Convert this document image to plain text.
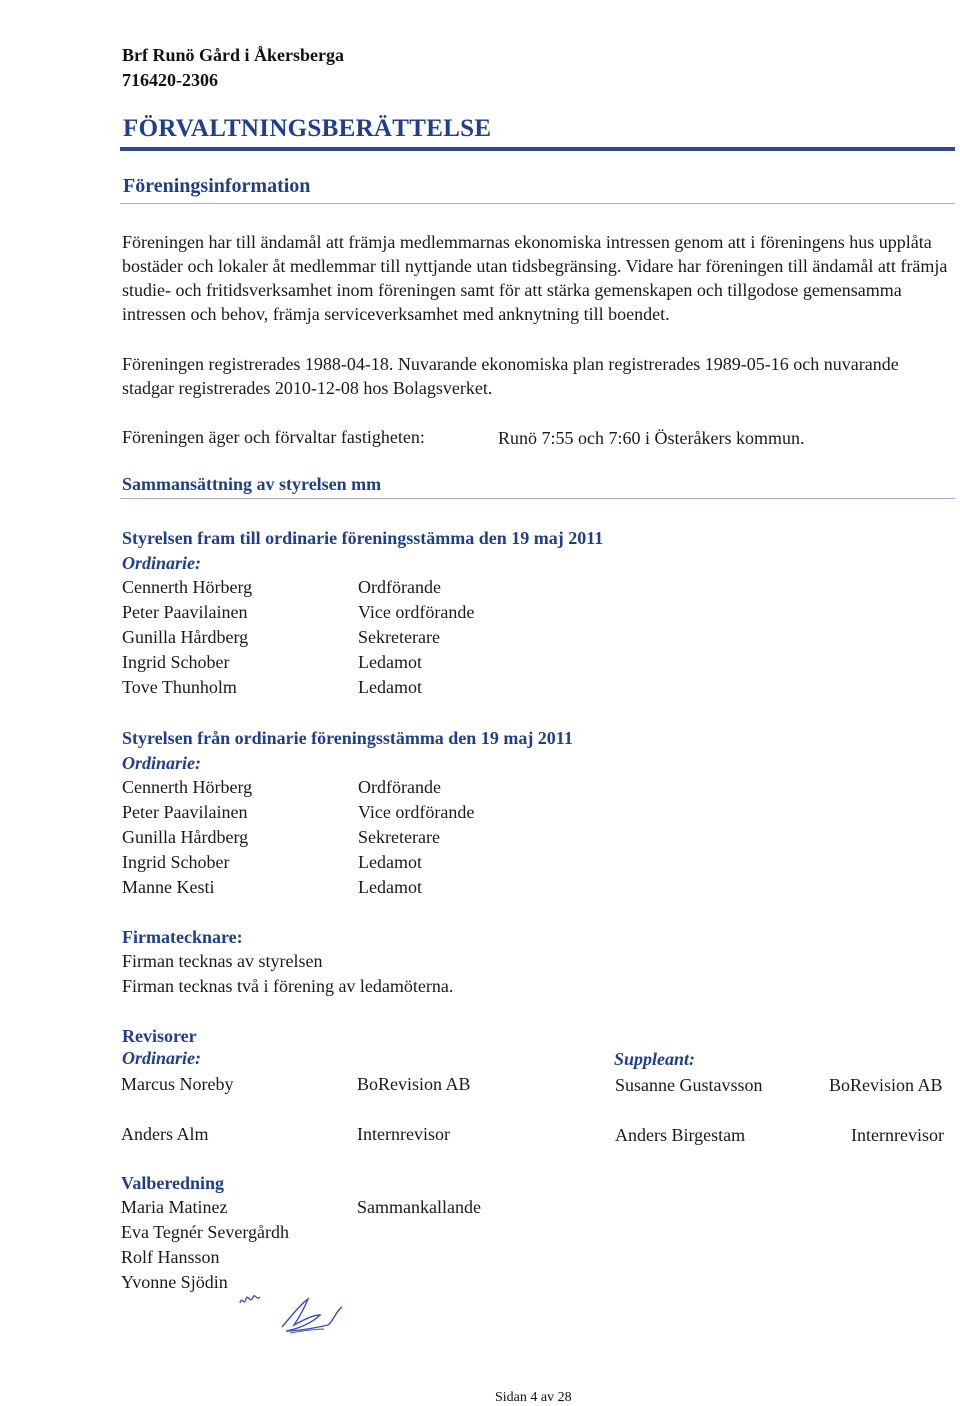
Brf Runö Gård i Åkersberga
716420-2306
FÖRVALTNINGSBERÄTTELSE
Föreningsinformation

Föreningen har till ändamål att främja medlemmarnas ekonomiska intressen genom att i föreningens hus upplåta bostäder och lokaler åt medlemmar till nyttjande utan tidsbegränsing. Vidare har föreningen till ändamål att främja studie- och fritidsverksamhet inom föreningen samt för att stärka gemenskapen och tillgodose gemensamma intressen och behov, främja serviceverksamhet med anknytning till boendet.

Föreningen registrerades 1988-04-18. Nuvarande ekonomiska plan registrerades 1989-05-16 och nuvarande stadgar registrerades 2010-12-08 hos Bolagsverket.

Föreningen äger och förvaltar fastigheten:	Runö 7:55 och 7:60 i Österåkers kommun.
Sammansättning av styrelsen mm
Styrelsen fram till ordinarie föreningsstämma den 19 maj 2011
Ordinarie:
Cennerth Hörberg	Ordförande
Peter Paavilainen	Vice ordförande
Gunilla Hårdberg	Sekreterare
Ingrid Schober	Ledamot
Tove Thunholm	Ledamot
Styrelsen från ordinarie föreningsstämma den 19 maj 2011
Ordinarie:
Cennerth Hörberg	Ordförande
Peter Paavilainen	Vice ordförande
Gunilla Hårdberg	Sekreterare
Ingrid Schober	Ledamot
Manne Kesti	Ledamot
Firmatecknare:
Firman tecknas av styrelsen
Firman tecknas två i förening av ledamöterna.
Revisorer
Ordinarie:	Suppleant:
Marcus Noreby	BoRevision AB	Susanne Gustavsson	BoRevision AB
Anders Alm	Internrevisor	Anders Birgestam	Internrevisor
Valberedning
Maria Matinez	Sammankallande
Eva Tegnér Severgårdh
Rolf Hansson
Yvonne Sjödin
Sidan 4 av 28
